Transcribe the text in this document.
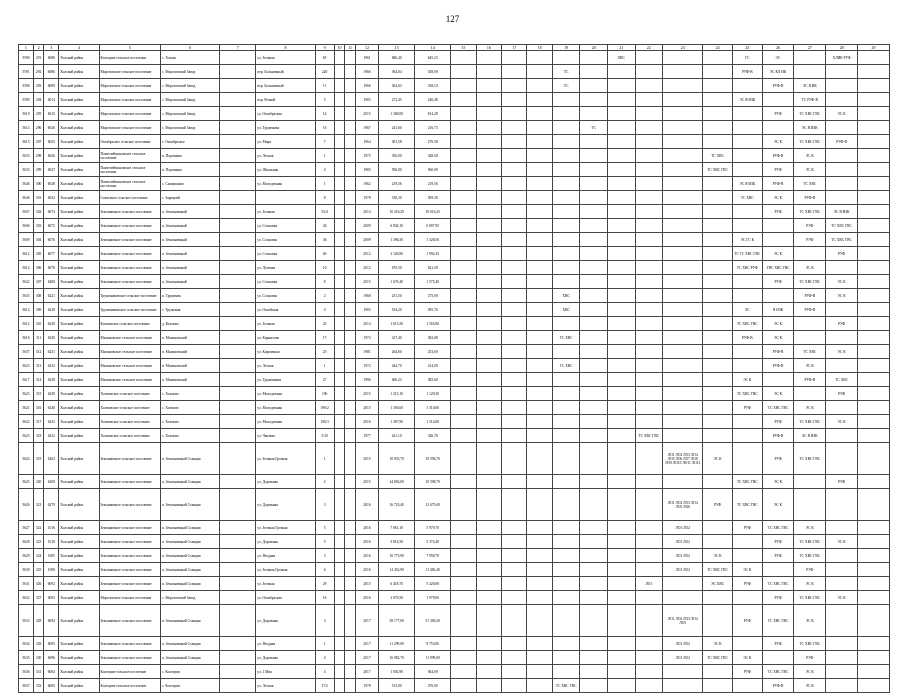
127
1	2	3	4	5	6	7	8	9	10	11	12	13	14	15	16	17	18	19	20	21	22	23	24	25	26	27	28	29
5590	291	6086	Холский район	Кологрив-сельское поселение	с. Холмы		ул. Зеленая	65			1961	686,40	645,23							XBC				ГС	ЭС		ХЛИК РУФ	
5591	292	6086	Холский район	Морозовское сельское поселение	с. Морозовский Завод		пер. Больничный	220			1966	364,04	338,00					ТС						РУФ-В	ЭС КЛ ИК			
5596	293	6089	Холский район	Морозовское сельское поселение	с. Морозовский Завод		пер. Больничный	11			1966	364,03	338,10					ТС							РУФ-В	ЭС Я ИК		
5599	294	6014	Холский район	Морозовское сельское поселение	с. Морозовский Завод		пер. Речной	5			1965	273,45	246,48											ЭС Я ИЗК		ТС РУФ-В		
5610	295	6015	Холский район	Морозовское сельское поселение	с. Морозовский Завод		ул. Октябрьская	14			2015	1 368,00	814,28												РУФ	ТС ХВС ГВС	ЭС К	
5614	296	6020	Холский район	Морозовское сельское поселение	с. Морозовский Завод		ул. Труженика	16			1967	241,60	216,73						ТС							ЭС Я ИЗК		
5615	297	6025	Холский район	Октябрьское сельское поселение	с. Октябрьское		ул. Мира	7			1964	301,58	276,58												ЭС К	ТС ХВС ГВС	РУФ-В	
5633	298	6026	Холский район	Пантелеймоновское сельское поселение	п. Порошино		ул. Лесная	1			1975	356,00	328,58										ТС ХВС		РУФ-В	ЭС К		
5633	299	6027	Холский район	Пантелеймоновское сельское поселение	п. Порошино		ул. Школьная	4			1983	596,00	560,00										ТС ХВС ГВС		РУФ	ЭС К		
5646	300	6028	Холский район	Пантелеймоновское сельское поселение	с. Самнушино		ул. Молодежная	1			1962	219,56	219,56											ЭС Я ИЗК	РУФ-В	ТС ХВС		
5646	301	6032	Холский район	Совхозное сельское поселение	с. Зарецкий			8			1978	330,30	309,30											ТС ХВС	ЭС К	РУФ-В		
5607	302	6074	Холский район	Земляничное сельское поселение	п. Земляничный		ул. Зеленая	52/4			2014	10 416,20	10 016,25												РУФ	ТС ХВС ГВС	ЭС Я ИЗК	
5606	303	6075	Холский район	Земляничное сельское поселение	п. Земляничный		ул. Сосновая	26			2009	6 834,10	6 807,95													РУФ	ТС ХВС ГВС	
5609	304	6076	Холский район	Земляничное сельское поселение	п. Земляничный		ул. Сосновая	36			2009	1 396,50	1 328,56											ЭС ГС К		РУФ	ТС ХВС ГВС	
5612	305	6077	Холский район	Земляничное сельское поселение	п. Земляничный		ул. Сосновая	60			2012	2 120,80	1 992,45											ТС ГС ХВС ГВС	ЭС К		РУФ	
5614	306	6078	Холский район	Земляничное сельское поселение	п. Земляничный		ул. Лучевая	10			2012	670,50	621,58											ТС ХВС РУФ	ГВС ХВС ГВС	ЭС К		
5622	307	6400	Холский район	Земляничное сельское поселение	п. Земляничный		ул. Сосновая	8			2015	1 670,40	1 575,40												РУФ	ТС ХВС ГВС	ЭС К	
5633	308	6221	Холский район	Тружениковское сельское поселение	п. Труженик		ул. Сосновая	2			1968	251,50	275,00					XBC								РУФ-В	ЭС К	
5614	309	6228	Холский район	Тружениковское сельское поселение	с. Труженик		ул. Окзейская	4			1965	554,20	495,76					XBC						ЭС	Я ИЗК	РУФ-В		
5612	310	6229	Холский район	Колмовское сельское поселение	д. Колмово		ул. Зеленая	25			2014	1 613,50	1 565,00											ТС ХВС ГВС	ЭС К		РУФ	
5616	311	6230	Холский район	Малиновское сельское поселение	п. Малиновский		ул. Корнилова	17			1972	417,40	382,08					ТС ХВС						РУФ-В	ЭС К			
5637	312	6231	Холский район	Малиновское сельское поселение	п. Малиновский		ул. Кирпичная	25			1981	264,60	253,60												РУФ-В	ТС ХВС	ЭС К	
5623	313	6232	Холский район	Малиновское сельское поселение	п. Малиновский		ул. Лесная	1			1972	444,70	414,00					ТС ХВС							РУФ-В	ЭС К		
5617	314	6238	Холский район	Малиновское сельское поселение	п. Малиновский		ул. Тружеников	27			1996	406,23	385,60											ЭС К		РУФ-В	ТС ХВС	
5623	315	6239	Холский район	Холмовское сельское поселение	с. Холмово		ул. Молодежная	196			2015	1 213,10	1 129,30											ТС ХВС ГВС	ЭС К		РУФ	
5621	316	6240	Холский район	Холмовское сельское поселение	с. Холмово		ул. Молодежная	196/2			2015	1 356,60	1 310,60											РУФ	ТС ХВС ГВС	ЭС К		
5622	317	6241	Холский район	Холмовское сельское поселение	с. Холмово		ул. Молодежная	196/3			2016	1 367,90	1 314,00												РУФ	ТС ХВС ГВС	ЭС К	
5623	318	6252	Холский район	Холмовское сельское поселение	с. Холмово		ул. Чапаева	5/10			1977	421,10	326,78								ТС ХВС ГВС				РУФ-В	ЭС Я ИЗК		
5624	319	6263	Холский район	Земляничное сельское поселение	п. Земляничный Станция		ул. Зеленая Грозная	1			2015	10 835,70	10 596,70									ЛО1 ЛО2 ЛО3 ЛО4 ЛО5 ЛО6 ЛО7 ЛО8 ЛО9 ЛО10 ЛО11 ЛО12	ЭС К		РУФ	ТС ХВС ГВС		
5625	320	6269	Холский район	Земляничное сельское поселение	п. Земляничный Станция		ул. Дорожная	2			2015	24 692,00	10 598,70											ТС ХВС ГВС	ЭС К		РУФ	
5626	321	6279	Холский район	Земляничное сельское поселение	п. Земляничный Станция		ул. Дорожная	3			2016	16 723,40	12 679,40									ЛО1 ЛО2 ЛО3 ЛО4 ЛО5 ЛО6	РУФ	ТС ХВС ГВС	ЭС К			
5627	322	1016	Холский район	Земляничное сельское поселение	п. Земляничный Станция		ул. Зеленая Грозная	5			2016	7 861,10	5 979,70									ЛО1 ЛО2		РУФ	ТС ХВС ГВС	ЭС К		
5628	323	1018	Холский район	Земляничное сельское поселение	п. Земляничный Станция		ул. Дорожная	5			2016	5 814,50	5 374,40									ЛО1 ЛО2			РУФ	ТС ХВС ГВС	ЭС К	
5629	324	1085	Холский район	Земляничное сельское поселение	п. Земляничный Станция		ул. Ягодная	3			2016	10 773,90	7 958,70									ЛО1 ЛО2	ЭС К		РУФ	ТС ХВС ГВС		
5630	325	1090	Холский район	Земляничное сельское поселение	п. Земляничный Станция		ул. Зеленая Грозная	6			2016	14 452,90	11 456,40									ЛО1 ЛО2	ТС ХВС ГВС	ЭС К		РУФ		
5631	326	6092	Холский район	Земляничное сельское поселение	п. Земляничный Станция		ул. Зеленая	29			2015	6 418,70	5 420,00								ЛО1		ЭС ХВС	РУФ	ТС ХВС ГВС	ЭС К		
5632	327	6093	Холский район	Морозовское сельское поселение	с. Морозовский Завод		ул. Октябрьская	16			2016	2 070,50	1 979,00												РУФ	ТС ХВС ГВС	ЭС К	
5633	328	6094	Холский район	Земляничное сельское поселение	п. Земляничный Станция		ул. Дорожная	3			2017	58 177,00	51 369,20									ЛО1 ЛО2 ЛО3 ЛО4 ЛО5		РУФ	ТС ХВС ГВС	ЭС К		
5634	329	6095	Холский район	Земляничное сельское поселение	п. Земляничный Станция		ул. Ягодная	1			2017	11 299,00	9 753,00									ЛО1 ЛО2	ЭС К		РУФ	ТС ХВС ГВС		
5635	330	6096	Холский район	Земляничное сельское поселение	п. Земляничный Станция		ул. Дорожная	4			2017	16 982,70	11 999,00									ЛО1 ЛО2	ТС ХВС ГВС	ЭС К		РУФ		
5636	331	6064	Холский район	Кологрив-сельское поселение	с. Кологрив		ул. 1 Мая	4			2017	1 002,90	944,00											РУФ	ТС ХВС ГВС	ЭС К		
5637	332	6065	Холский район	Кологрив-сельское поселение	с. Кологрив		ул. Лесная	17/2			1978	513,00	476,00					ТС ХВС ГВС							РУФ-В	ЭС К		
